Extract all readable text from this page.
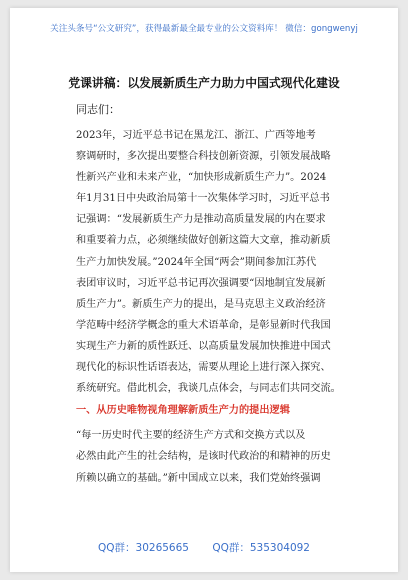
关注头条号“公文研究”，获得最新最全最专业的公文资料库！ 微信：gongwenyj
党课讲稿：以发展新质生产力助力中国式现代化建设
同志们：
2023年，习近平总书记在黑龙江、浙江、广西等地考
察调研时，多次提出要整合科技创新资源，引领发展战略
性新兴产业和未来产业，“加快形成新质生产力”。2024
年1月31日中央政治局第十一次集体学习时，习近平总书
记强调：“发展新质生产力是推动高质量发展的内在要求
和重要着力点，必须继续做好创新这篇大文章，推动新质
生产力加快发展。”2024年全国“两会”期间参加江苏代
表团审议时，习近平总书记再次强调要“因地制宜发展新
质生产力”。新质生产力的提出，是马克思主义政治经济
学范畴中经济学概念的重大术语革命，是彰显新时代我国
实现生产力新的质性跃迁、以高质量发展加快推进中国式
现代化的标识性话语表达，需要从理论上进行深入探究、
系统研究。借此机会，我谈几点体会，与同志们共同交流。
一、从历史唯物视角理解新质生产力的提出逻辑
“每一历史时代主要的经济生产方式和交换方式以及
必然由此产生的社会结构，是该时代政治的和精神的历史
所赖以确立的基础。”新中国成立以来，我们党始终强调
QQ群：30265665 QQ群：535304092
